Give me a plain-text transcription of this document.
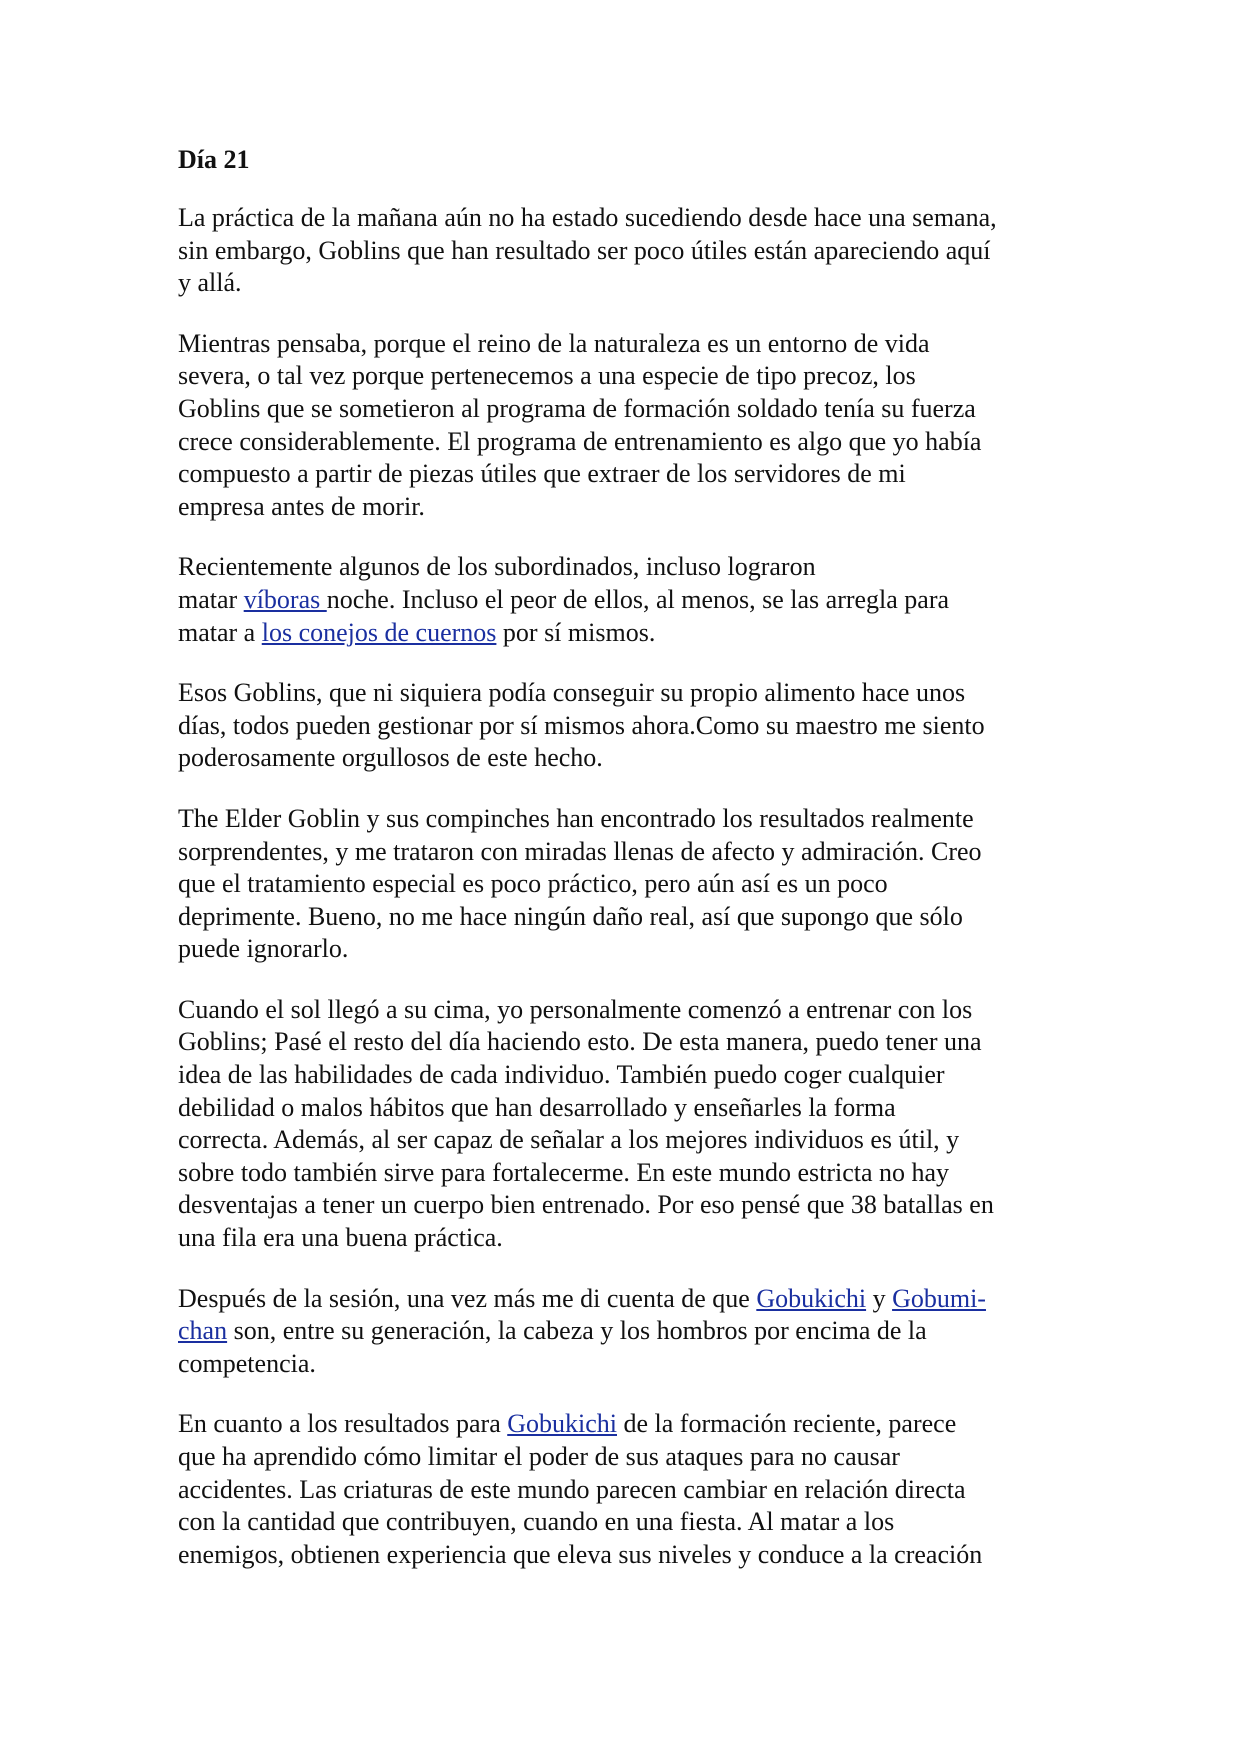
Día 21
La práctica de la mañana aún no ha estado sucediendo desde hace una semana,
sin embargo, Goblins que han resultado ser poco útiles están apareciendo aquí
y allá.
Mientras pensaba, porque el reino de la naturaleza es un entorno de vida
severa, o tal vez porque pertenecemos a una especie de tipo precoz, los
Goblins que se sometieron al programa de formación soldado tenía su fuerza
crece considerablemente. El programa de entrenamiento es algo que yo había
compuesto a partir de piezas útiles que extraer de los servidores de mi
empresa antes de morir.
Recientemente algunos de los subordinados, incluso lograron
matar víboras noche. Incluso el peor de ellos, al menos, se las arregla para
matar a los conejos de cuernos por sí mismos.
Esos Goblins, que ni siquiera podía conseguir su propio alimento hace unos
días, todos pueden gestionar por sí mismos ahora.Como su maestro me siento
poderosamente orgullosos de este hecho.
The Elder Goblin y sus compinches han encontrado los resultados realmente
sorprendentes, y me trataron con miradas llenas de afecto y admiración. Creo
que el tratamiento especial es poco práctico, pero aún así es un poco
deprimente. Bueno, no me hace ningún daño real, así que supongo que sólo
puede ignorarlo.
Cuando el sol llegó a su cima, yo personalmente comenzó a entrenar con los
Goblins; Pasé el resto del día haciendo esto. De esta manera, puedo tener una
idea de las habilidades de cada individuo. También puedo coger cualquier
debilidad o malos hábitos que han desarrollado y enseñarles la forma
correcta. Además, al ser capaz de señalar a los mejores individuos es útil, y
sobre todo también sirve para fortalecerme. En este mundo estricta no hay
desventajas a tener un cuerpo bien entrenado. Por eso pensé que 38 batallas en
una fila era una buena práctica.
Después de la sesión, una vez más me di cuenta de que Gobukichi y Gobumi-
chan son, entre su generación, la cabeza y los hombros por encima de la
competencia.
En cuanto a los resultados para Gobukichi de la formación reciente, parece
que ha aprendido cómo limitar el poder de sus ataques para no causar
accidentes. Las criaturas de este mundo parecen cambiar en relación directa
con la cantidad que contribuyen, cuando en una fiesta. Al matar a los
enemigos, obtienen experiencia que eleva sus niveles y conduce a la creación
